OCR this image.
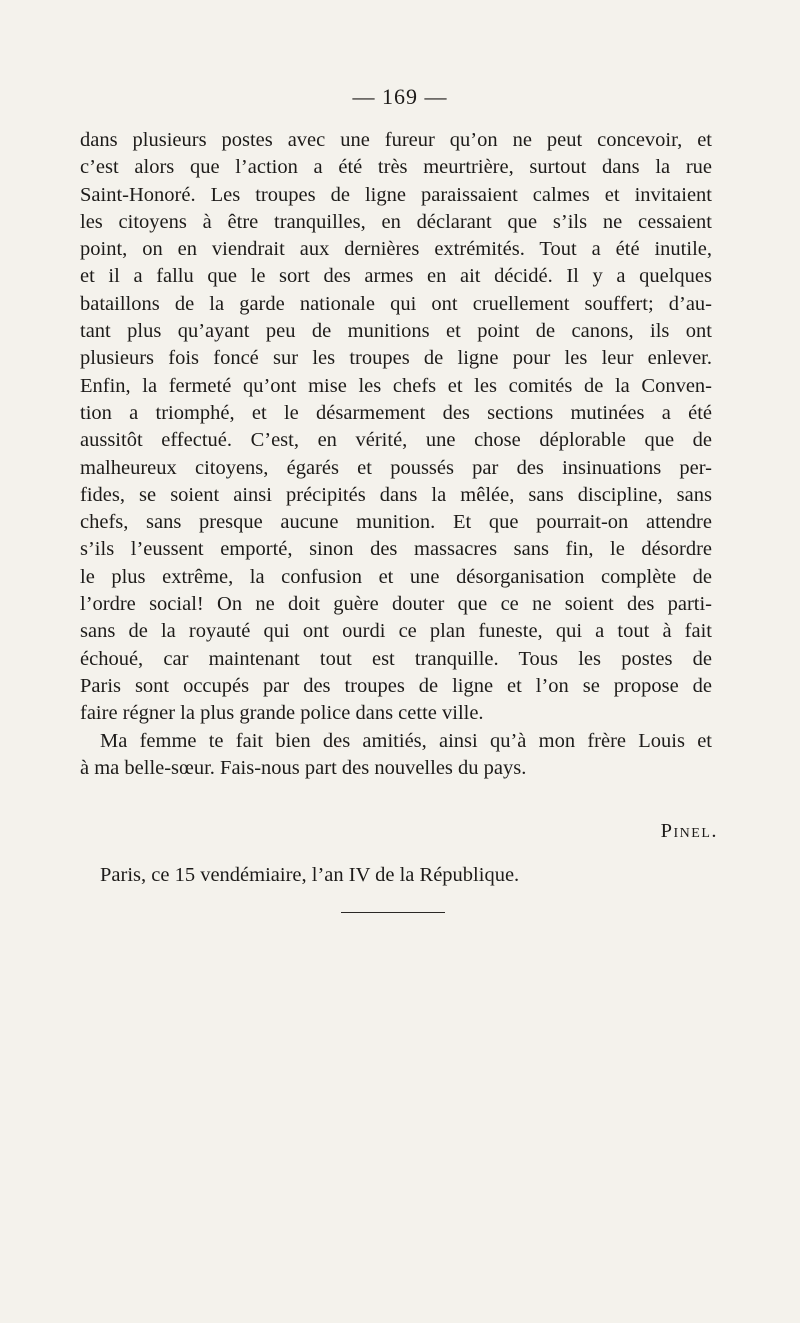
— 169 —
dans plusieurs postes avec une fureur qu’on ne peut concevoir, et
c’est alors que l’action a été très meurtrière, surtout dans la rue
Saint-Honoré. Les troupes de ligne paraissaient calmes et invitaient
les citoyens à être tranquilles, en déclarant que s’ils ne cessaient
point, on en viendrait aux dernières extrémités. Tout a été inutile,
et il a fallu que le sort des armes en ait décidé. Il y a quelques
bataillons de la garde nationale qui ont cruellement souffert; d’au-
tant plus qu’ayant peu de munitions et point de canons, ils ont
plusieurs fois foncé sur les troupes de ligne pour les leur enlever.
Enfin, la fermeté qu’ont mise les chefs et les comités de la Conven-
tion a triomphé, et le désarmement des sections mutinées a été
aussitôt effectué. C’est, en vérité, une chose déplorable que de
malheureux citoyens, égarés et poussés par des insinuations per-
fides, se soient ainsi précipités dans la mêlée, sans discipline, sans
chefs, sans presque aucune munition. Et que pourrait-on attendre
s’ils l’eussent emporté, sinon des massacres sans fin, le désordre
le plus extrême, la confusion et une désorganisation complète de
l’ordre social! On ne doit guère douter que ce ne soient des parti-
sans de la royauté qui ont ourdi ce plan funeste, qui a tout à fait
échoué, car maintenant tout est tranquille. Tous les postes de
Paris sont occupés par des troupes de ligne et l’on se propose de
faire régner la plus grande police dans cette ville.
Ma femme te fait bien des amitiés, ainsi qu’à mon frère Louis et
à ma belle-sœur. Fais-nous part des nouvelles du pays.
Pinel.
Paris, ce 15 vendémiaire, l’an IV de la République.
